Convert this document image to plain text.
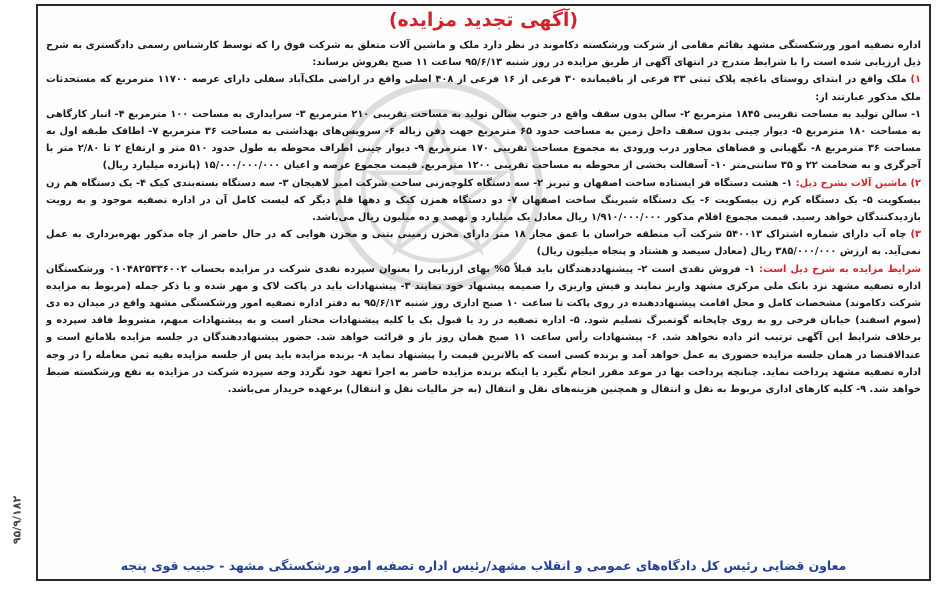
(آگهی تجدید مزایده)

اداره تصفیه امور ورشکستگی مشهد بقائم مقامی از شرکت ورشکسته دکاموند در نظر دارد ملک و ماشین آلات متعلق به شرکت فوق را که توسط کارشناس رسمی دادگستری به شرح ذیل ارزیابی شده است را با شرایط مندرج در انتهای آگهی از طریق مزایده در روز شنبه ۹۵/۶/۱۳ ساعت ۱۱ صبح بفروش برساند:

۱) ملک واقع در ابتدای روستای باغچه پلاک ثبتی ۳۳ فرعی از باقیمانده ۳۰ فرعی از ۱۶ فرعی از ۴۰۸ اصلی واقع در اراضی ملک‌آباد سفلی دارای عرصه ۱۱۷۰۰ مترمربع که مستحدثات ملک مذکور عبارتند از:

۱- سالن تولید به مساحت تقریبی ۱۸۴۵ مترمربع ۲- سالن بدون سقف واقع در جنوب سالن تولید به مساحت تقریبی ۲۱۰ مترمربع ۳- سرایداری به مساحت ۱۰۰ مترمربع ۴- انبار کارگاهی به مساحت ۱۸۰ مترمربع ۵- دیوار چینی بدون سقف داخل زمین به مساحت حدود ۶۵ مترمربع جهت دفن زباله ۶- سرویس‌های بهداشتی به مساحت ۳۶ مترمربع ۷- اطاقک طبقه اول به مساحت ۳۶ مترمربع ۸- نگهبانی و فضاهای مجاور درب ورودی به مجموع مساحت تقریبی ۱۷۰ مترمربع ۹- دیوار چینی اطراف محوطه به طول حدود ۵۱۰ متر و ارتفاع ۲ تا ۲/۸۰ متر با آجرگری و به ضخامت ۲۲ و ۳۵ سانتی‌متر ۱۰- آسفالت بخشی از محوطه به مساحت تقریبی ۱۲۰۰ مترمربع. قیمت مجموع عرصه و اعیان ۱۵/۰۰۰/۰۰۰/۰۰۰ (پانزده میلیارد ریال)

۲) ماشین آلات بشرح ذیل: ۱- هشت دستگاه فر ایستاده ساخت اصفهان و تبریز ۲- سه دستگاه کلوچه‌زنی ساخت شرکت امیر لاهیجان ۳- سه دستگاه بسته‌بندی کیک ۴- یک دستگاه هم زن بیسکویت ۵- یک دستگاه کرم زن بیسکویت ۶- یک دستگاه شیرینگ ساخت اصفهان ۷- دو دستگاه همزن کیک و دهها قلم دیگر که لیست کامل آن در اداره تصفیه موجود و به رویت بازدیدکنندگان خواهد رسید. قیمت مجموع اقلام مذکور ۱/۹۱۰/۰۰۰/۰۰۰ ریال معادل یک میلیارد و نهصد و ده میلیون ریال می‌باشد.

۳) چاه آب دارای شماره اشتراک ۵۴۰۰۱۳ شرکت آب منطقه خراسان با عمق مجاز ۱۸ متر دارای مخزن زمینی بتنی و مخزن هوایی که در حال حاضر از چاه مذکور بهره‌برداری به عمل نمی‌آید. به ارزش ۳۸۵/۰۰۰/۰۰۰ ریال (معادل سیصد و هشتاد و پنجاه میلیون ریال)

شرایط مزایده به شرح ذیل است: ۱- فروش نقدی است ۲- پیشنهاددهندگان باید قبلاً ۵% بهای ارزیابی را بعنوان سپرده نقدی شرکت در مزایده بحساب ۰۱۰۴۸۲۵۳۳۶۰۰۲ ورشکستگان اداره تصفیه مشهد نزد بانک ملی مرکزی مشهد واریز نمایند و فیش واریزی را ضمیمه پیشنهاد خود نمایند ۳- پیشنهادات باید در پاکت لاک و مهر شده و با ذکر جمله (مربوط به مزایده شرکت دکاموند) مشخصات کامل و محل اقامت پیشنهاددهنده در روی پاکت تا ساعت ۱۰ صبح اداری روز شنبه ۹۵/۶/۱۳ به دفتر اداره تصفیه امور ورشکستگی مشهد واقع در میدان ده دی (سوم اسفند) خیابان فرخی رو به روی چاپخانه گوتمبرگ تسلیم شود. ۵- اداره تصفیه در رد یا قبول یک یا کلیه پیشنهادات مختار است و به پیشنهادات مبهم، مشروط فاقد سپرده و برخلاف شرایط این آگهی ترتیب اثر داده نخواهد شد. ۶- پیشنهادات رأس ساعت ۱۱ صبح همان روز باز و قرائت خواهد شد. حضور پیشنهاددهندگان در جلسه مزایده بلامانع است و عندالاقتضا در همان جلسه مزایده حضوری به عمل خواهد آمد و برنده کسی است که بالاترین قیمت را پیشنهاد نماید ۸- برنده مزایده باید پس از جلسه مزایده بقیه ثمن معامله را در وجه اداره تصفیه مشهد پرداخت نماید. چنانچه پرداخت بها در موعد مقرر انجام نگیرد یا اینکه برنده مزایده حاضر به اجرا تعهد خود نگردد وجه سپرده شرکت در مزایده به نفع ورشکسته ضبط خواهد شد. ۹- کلیه کارهای اداری مربوط به نقل و انتقال و همچنین هزینه‌های نقل و انتقال (به جز مالیات نقل و انتقال) برعهده خریدار می‌باشد.

معاون قضایی رئیس کل دادگاه‌های عمومی و انقلاب مشهد/رئیس اداره تصفیه امور ورشکستگی مشهد - حبیب قوی پنجه
۹۵/۹/۱۸۲
